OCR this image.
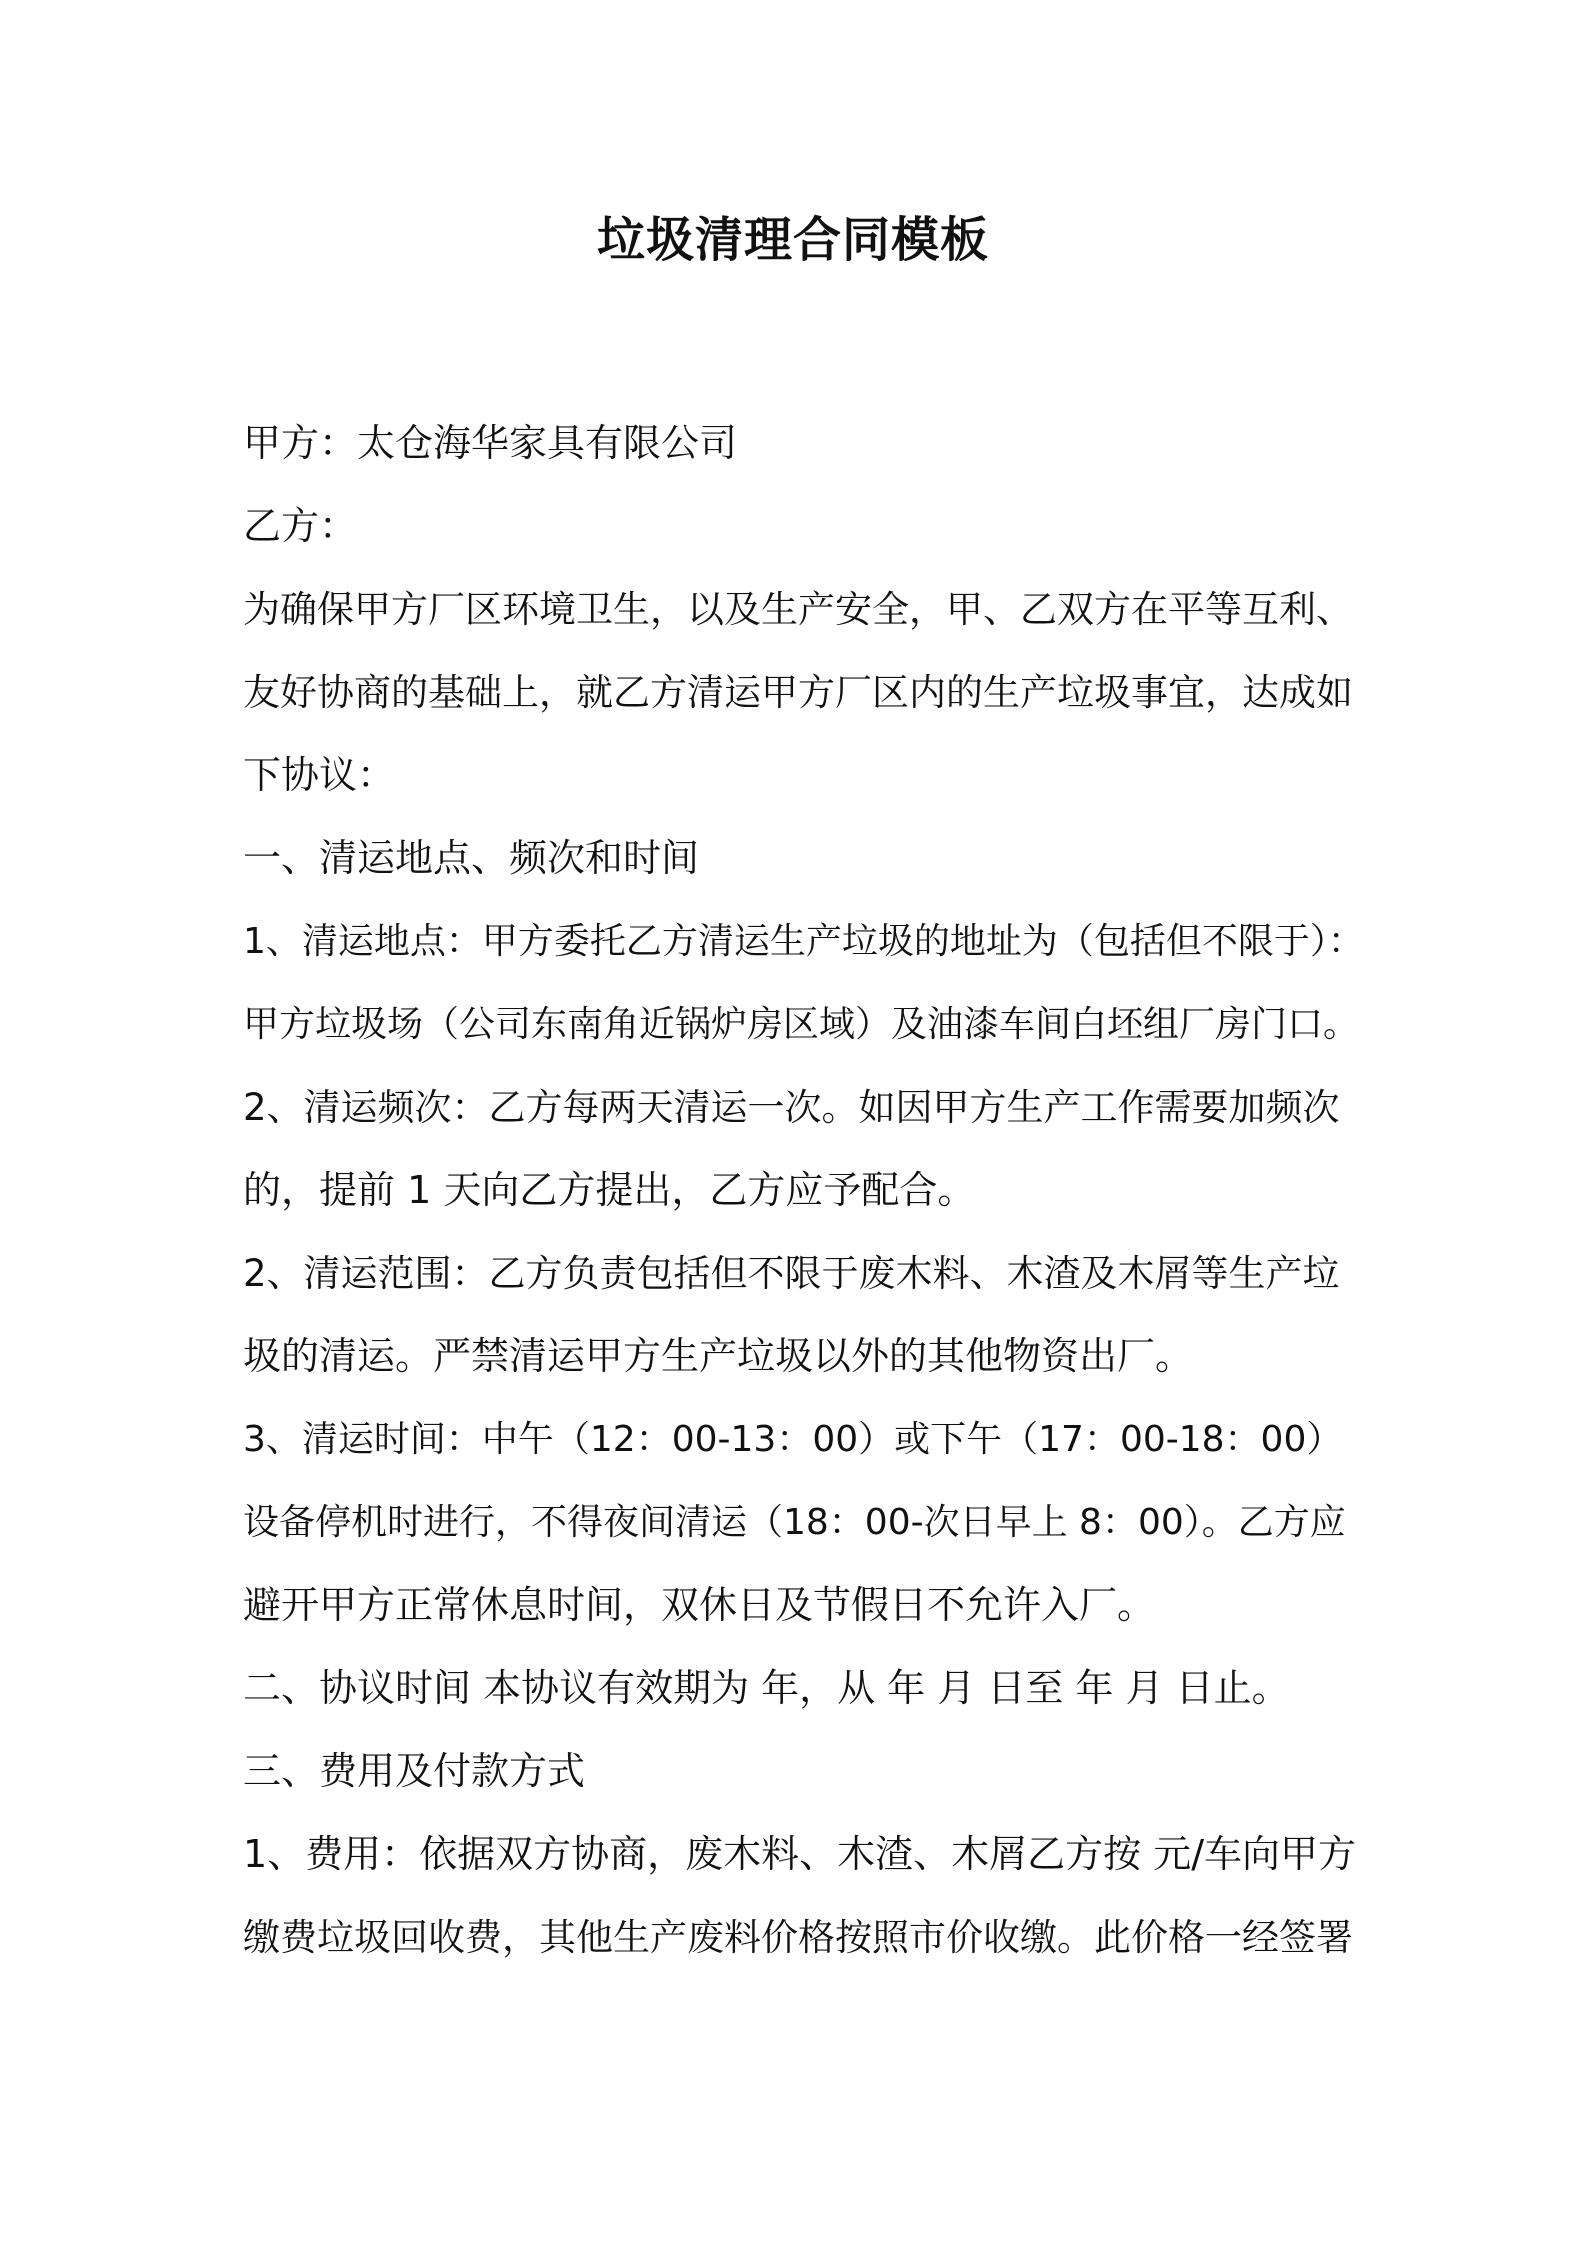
垃圾清理合同模板
甲方：太仓海华家具有限公司
乙方：
为确保甲方厂区环境卫生，以及生产安全，甲、乙双方在平等互利、
友好协商的基础上，就乙方清运甲方厂区内的生产垃圾事宜，达成如
下协议：
一、清运地点、频次和时间
1、清运地点：甲方委托乙方清运生产垃圾的地址为（包括但不限于）：
甲方垃圾场（公司东南角近锅炉房区域）及油漆车间白坯组厂房门口。
2、清运频次：乙方每两天清运一次。如因甲方生产工作需要加频次
的，提前 1 天向乙方提出，乙方应予配合。
2、清运范围：乙方负责包括但不限于废木料、木渣及木屑等生产垃
圾的清运。严禁清运甲方生产垃圾以外的其他物资出厂。
3、清运时间：中午（12：00-13：00）或下午（17：00-18：00）
设备停机时进行，不得夜间清运（18：00-次日早上 8：00）。乙方应
避开甲方正常休息时间，双休日及节假日不允许入厂。
二、协议时间 本协议有效期为 年，从 年 月 日至 年 月 日止。
三、费用及付款方式
1、费用：依据双方协商，废木料、木渣、木屑乙方按 元/车向甲方
缴费垃圾回收费，其他生产废料价格按照市价收缴。此价格一经签署
